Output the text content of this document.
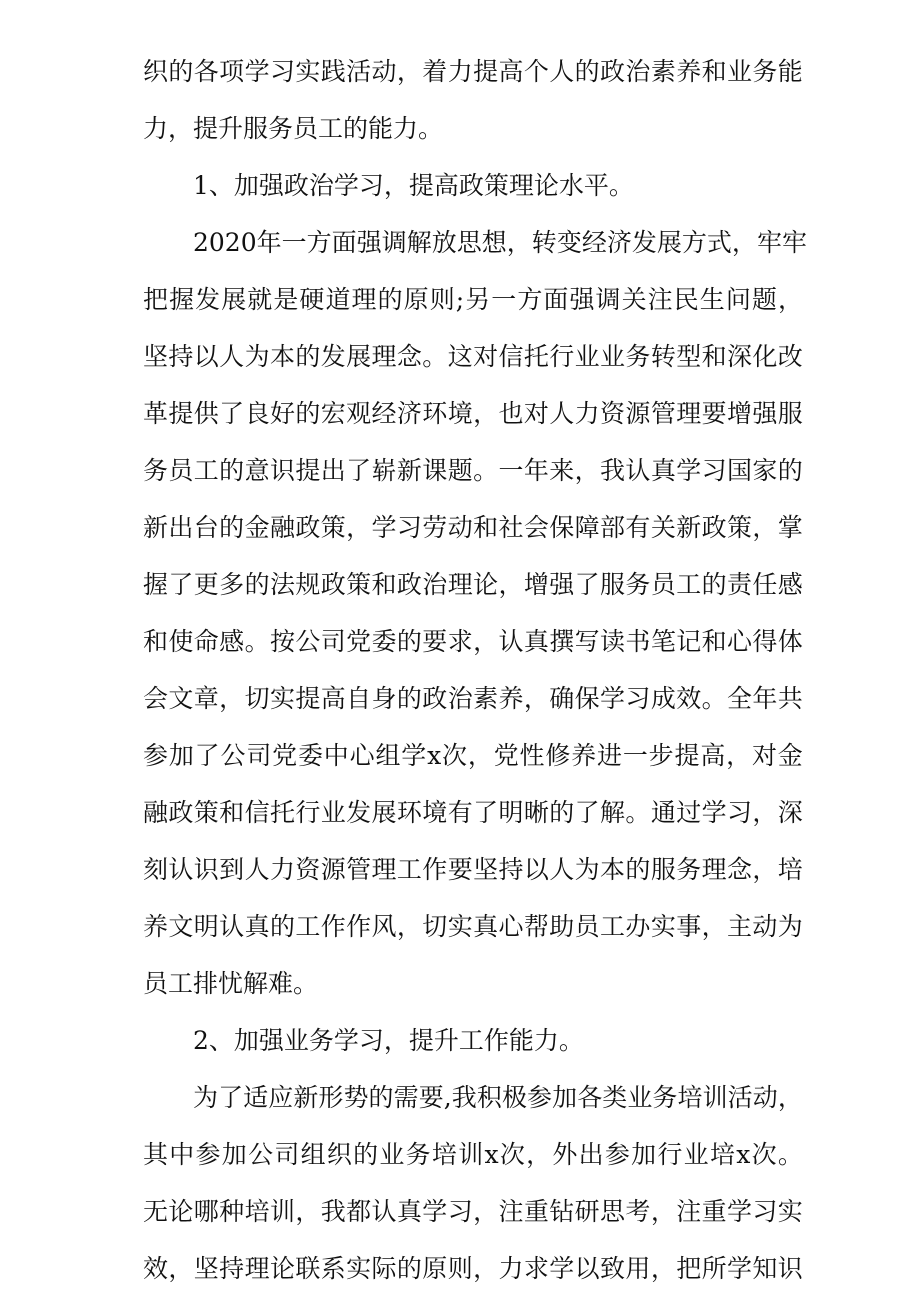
织 的 各 项 学 习 实 践 活 动 ， 着 力 提 高 个 人 的 政 治 素 养 和 业 务 能
力，提升服务员工的能力。
1、加强政治学习，提高政策理论水平。
2020 年 一 方 面 强 调 解 放 思 想 ， 转 变 经 济 发 展 方 式 ， 牢 牢
把 握 发 展 就 是 硬 道 理 的 原 则 ; 另 一 方 面 强 调 关 注 民 生 问 题 ，
坚 持 以 人 为 本 的 发 展 理 念 。 这 对 信 托 行 业 业 务 转 型 和 深 化 改
革 提 供 了 良 好 的 宏 观 经 济 环 境 ， 也 对 人 力 资 源 管 理 要 增 强 服
务 员 工 的 意 识 提 出 了 崭 新 课 题 。 一 年 来 ， 我 认 真 学 习 国 家 的
新 出 台 的 金 融 政 策 ， 学 习 劳 动 和 社 会 保 障 部 有 关 新 政 策 ， 掌
握 了 更 多 的 法 规 政 策 和 政 治 理 论 ， 增 强 了 服 务 员 工 的 责 任 感
和 使 命 感 。 按 公 司 党 委 的 要 求 ， 认 真 撰 写 读 书 笔 记 和 心 得 体
会 文 章 ， 切 实 提 高 自 身 的 政 治 素 养 ， 确 保 学 习 成 效 。 全 年 共
参 加 了 公 司 党 委 中 心 组 学 x 次 ， 党 性 修 养 进 一 步 提 高 ， 对 金
融 政 策 和 信 托 行 业 发 展 环 境 有 了 明 晰 的 了 解 。 通 过 学 习 ， 深
刻 认 识 到 人 力 资 源 管 理 工 作 要 坚 持 以 人 为 本 的 服 务 理 念 ， 培
养 文 明 认 真 的 工 作 作 风 ， 切 实 真 心 帮 助 员 工 办 实 事 ， 主 动 为
员工排忧解难。
2、加强业务学习，提升工作能力。
为 了 适 应 新 形 势 的 需 要 , 我 积 极 参 加 各 类 业 务 培 训 活 动 ，
其 中 参 加 公 司 组 织 的 业 务 培 训 x 次 ， 外 出 参 加 行 业 培 x 次 。
无 论 哪 种 培 训 ， 我 都 认 真 学 习 ， 注 重 钻 研 思 考 ， 注 重 学 习 实
效 ， 坚 持 理 论 联 系 实 际 的 原 则 ， 力 求 学 以 致 用 ， 把 所 学 知 识
